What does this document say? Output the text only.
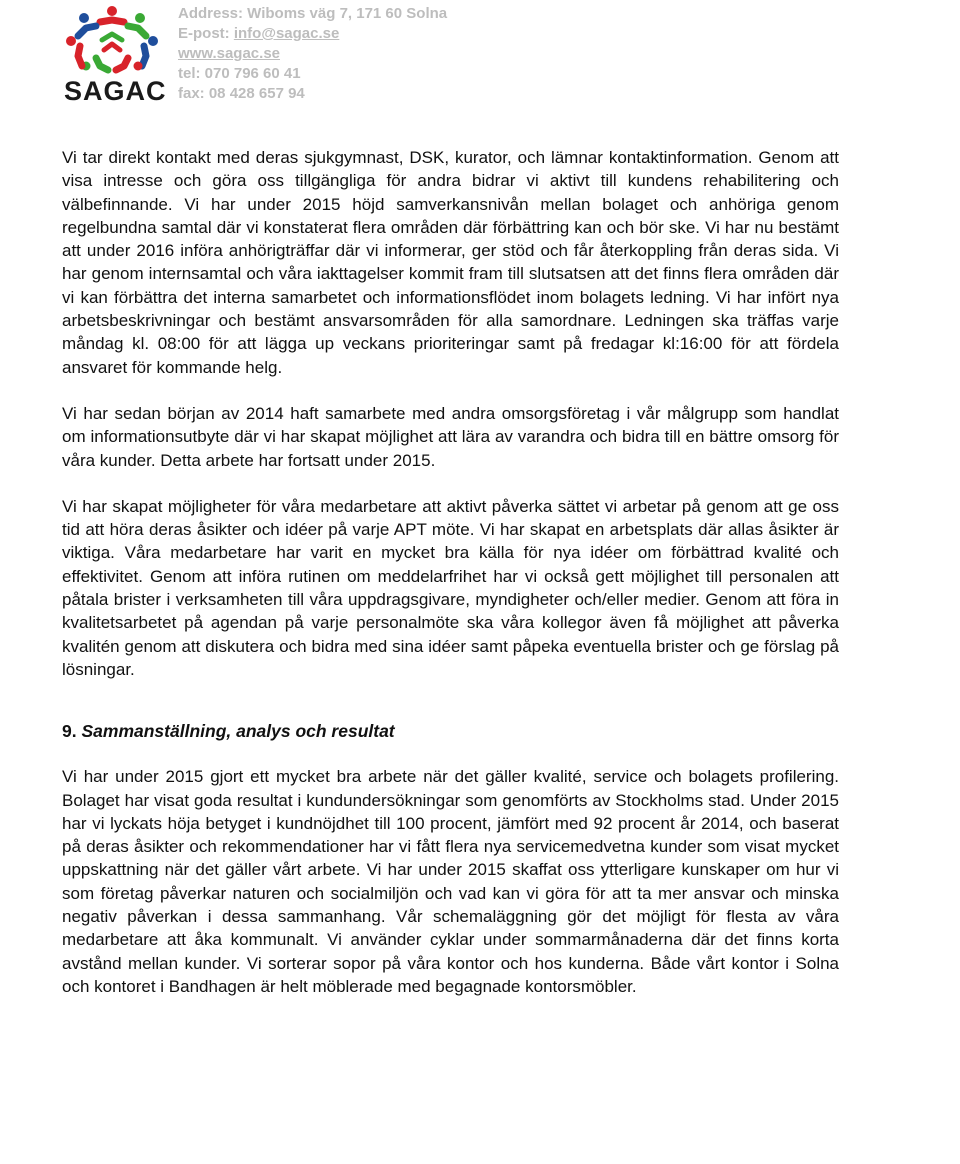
SAGAC
Address: Wiboms väg 7, 171 60 Solna
E-post: info@sagac.se
www.sagac.se
tel: 070 796 60 41
fax: 08 428 657 94

Vi tar direkt kontakt med deras sjukgymnast, DSK, kurator, och lämnar kontaktinformation. Genom att visa intresse och göra oss tillgängliga för andra bidrar vi aktivt till kundens rehabilitering och välbefinnande. Vi har under 2015 höjd samverkansnivån mellan bolaget och anhöriga genom regelbundna samtal där vi konstaterat flera områden där förbättring kan och bör ske. Vi har nu bestämt att under 2016 införa anhörigträffar där vi informerar, ger stöd och får återkoppling från deras sida. Vi har genom internsamtal och våra iakttagelser kommit fram till slutsatsen att det finns flera områden där vi kan förbättra det interna samarbetet och informationsflödet inom bolagets ledning. Vi har infört nya arbetsbeskrivningar och bestämt ansvarsområden för alla samordnare. Ledningen ska träffas varje måndag kl. 08:00 för att lägga up veckans prioriteringar samt på fredagar kl:16:00 för att fördela ansvaret för kommande helg.

Vi har sedan början av 2014 haft samarbete med andra omsorgsföretag i vår målgrupp som handlat om informationsutbyte där vi har skapat möjlighet att lära av varandra och bidra till en bättre omsorg för våra kunder. Detta arbete har fortsatt under 2015.

Vi har skapat möjligheter för våra medarbetare att aktivt påverka sättet vi arbetar på genom att ge oss tid att höra deras åsikter och idéer på varje APT möte. Vi har skapat en arbetsplats där allas åsikter är viktiga. Våra medarbetare har varit en mycket bra källa för nya idéer om förbättrad kvalité och effektivitet. Genom att införa rutinen om meddelarfrihet har vi också gett möjlighet till personalen att påtala brister i verksamheten till våra uppdragsgivare, myndigheter och/eller medier. Genom att föra in kvalitetsarbetet på agendan på varje personalmöte ska våra kollegor även få möjlighet att påverka kvalitén genom att diskutera och bidra med sina idéer samt påpeka eventuella brister och ge förslag på lösningar.

9. Sammanställning, analys och resultat

Vi har under 2015 gjort ett mycket bra arbete när det gäller kvalité, service och bolagets profilering. Bolaget har visat goda resultat i kundundersökningar som genomförts av Stockholms stad. Under 2015 har vi lyckats höja betyget i kundnöjdhet till 100 procent, jämfört med 92 procent år 2014, och baserat på deras åsikter och rekommendationer har vi fått flera nya servicemedvetna kunder som visat mycket uppskattning när det gäller vårt arbete. Vi har under 2015 skaffat oss ytterligare kunskaper om hur vi som företag påverkar naturen och socialmiljön och vad kan vi göra för att ta mer ansvar och minska negativ påverkan i dessa sammanhang. Vår schemaläggning gör det möjligt för flesta av våra medarbetare att åka kommunalt. Vi använder cyklar under sommarmånaderna där det finns korta avstånd mellan kunder. Vi sorterar sopor på våra kontor och hos kunderna. Både vårt kontor i Solna och kontoret i Bandhagen är helt möblerade med begagnade kontorsmöbler.
